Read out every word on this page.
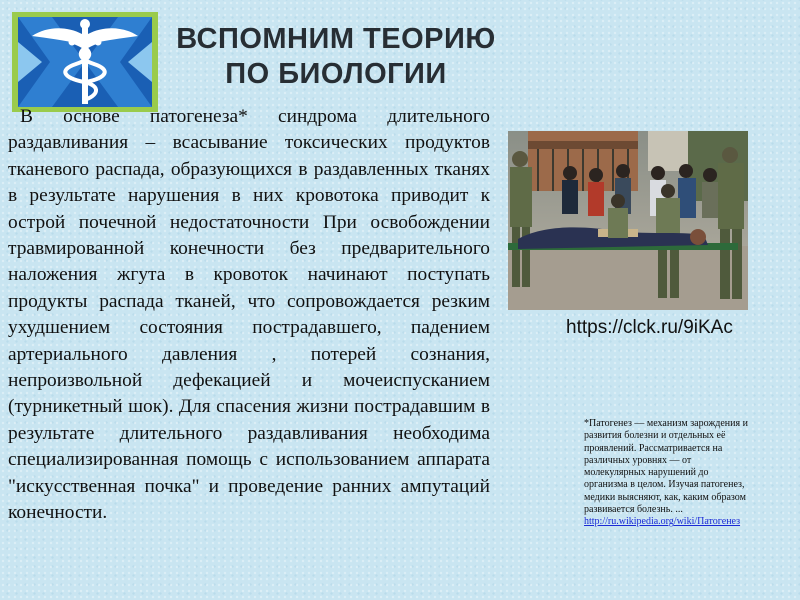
ВСПОМНИМ ТЕОРИЮ
ПО БИОЛОГИИ

В основе патогенеза* синдрома длительного раздавливания – всасывание токсических продуктов тканевого распада, образующихся в раздавленных тканях в результате нарушения в них кровотока приводит к острой почечной недостаточности При освобождении травмированной конечности без предварительного наложения жгута в кровоток начинают поступать продукты распада тканей, что сопровождается резким ухудшением состояния пострадавшего, падением артериального давления , потерей сознания, непроизвольной дефекацией и мочеиспусканием (турникетный шок). Для спасения жизни пострадавшим в результате длительного раздавливания необходима специализированная помощь с использованием аппарата "искусственная почка" и проведение ранних ампутаций конечности.

https://clck.ru/9iKAc
*Патогенез — механизм зарождения и развития болезни и отдельных её проявлений. Рассматривается на различных уровнях — от молекулярных нарушений до организма в целом. Изучая патогенез, медики выясняют, как, каким образом развивается болезнь. ...
http://ru.wikipedia.org/wiki/Патогенез
